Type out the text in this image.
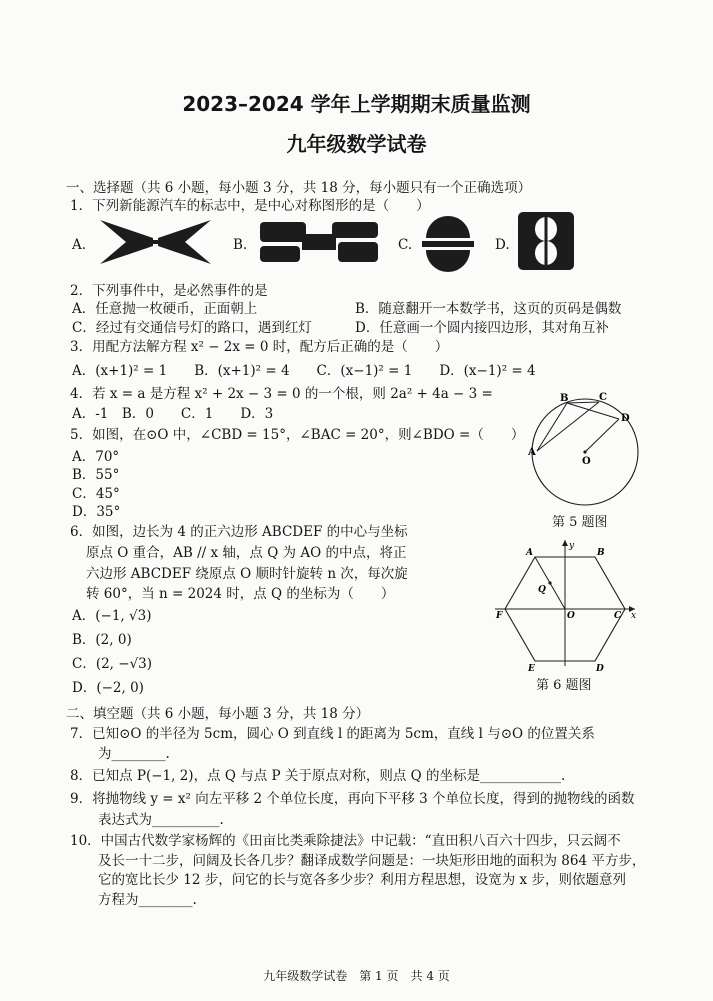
2023–2024 学年上学期期末质量监测
九年级数学试卷
一、选择题（共 6 小题，每小题 3 分，共 18 分，每小题只有一个正确选项）
1．下列新能源汽车的标志中，是中心对称图形的是（　　）
A.	B.	C.	D.
2．下列事件中，是必然事件的是
A．任意抛一枚硬币，正面朝上	B．随意翻开一本数学书，这页的页码是偶数
C．经过有交通信号灯的路口，遇到红灯	D．任意画一个圆内接四边形，其对角互补
3．用配方法解方程 x² − 2x = 0 时，配方后正确的是（　　）
A．(x+1)² = 1　　B．(x+1)² = 4　　C．(x−1)² = 1　　D．(x−1)² = 4
4．若 x = a 是方程 x² + 2x − 3 = 0 的一个根，则 2a² + 4a − 3 =
A．-1　B．0　　C．1　　D．3
5．如图，在⊙O 中，∠CBD = 15°，∠BAC = 20°，则∠BDO =（　　）
A．70°
B．55°
C．45°
D．35°
A
B	C
D
O
第 5 题图
6．如图，边长为 4 的正六边形 ABCDEF 的中心与坐标
原点 O 重合，AB // x 轴，点 Q 为 AO 的中点，将正
六边形 ABCDEF 绕原点 O 顺时针旋转 n 次，每次旋
转 60°，当 n = 2024 时，点 Q 的坐标为（　　）
A．(−1, √3)
B．(2, 0)
C．(2, −√3)
D．(−2, 0)
y
A	B
Q
F	O	C x
E	D
第 6 题图
二、填空题（共 6 小题，每小题 3 分，共 18 分）
7．已知⊙O 的半径为 5cm，圆心 O 到直线 l 的距离为 5cm，直线 l 与⊙O 的位置关系
为________.
8．已知点 P(−1, 2)，点 Q 与点 P 关于原点对称，则点 Q 的坐标是____________.
9．将抛物线 y = x² 向左平移 2 个单位长度，再向下平移 3 个单位长度，得到的抛物线的函数
表达式为__________.
10．中国古代数学家杨辉的《田亩比类乘除捷法》中记载：“直田积八百六十四步，只云阔不
及长一十二步，问阔及长各几步？翻译成数学问题是：一块矩形田地的面积为 864 平方步，
它的宽比长少 12 步，问它的长与宽各多少步？利用方程思想，设宽为 x 步，则依题意列
方程为________.
九年级数学试卷　第 1 页　共 4 页
